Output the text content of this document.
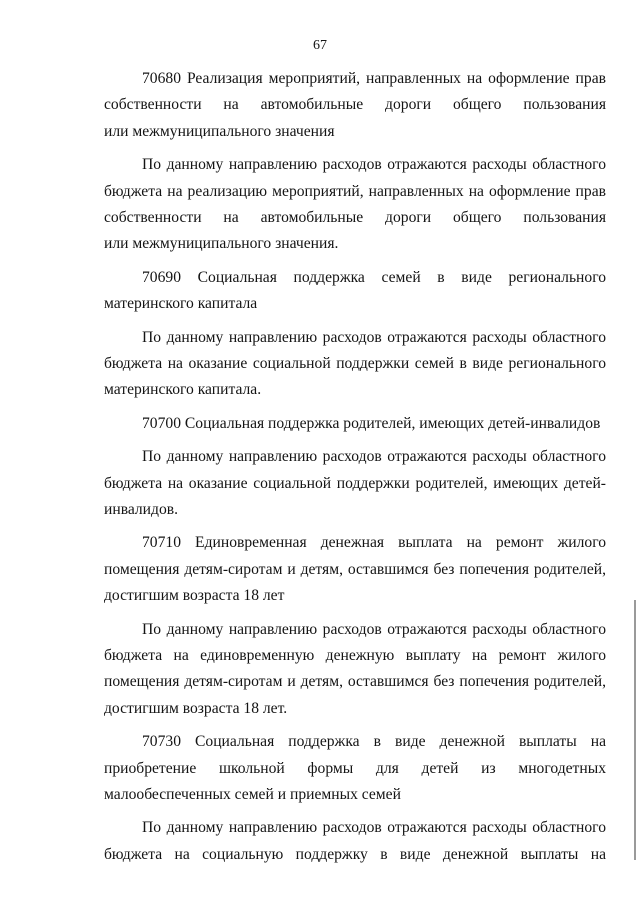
67
70680 Реализация мероприятий, направленных на оформление прав
собственности на автомобильные дороги общего пользования
или межмуниципального значения
По данному направлению расходов отражаются расходы областного
бюджета на реализацию мероприятий, направленных на оформление прав
собственности на автомобильные дороги общего пользования
или межмуниципального значения.
70690 Социальная поддержка семей в виде регионального
материнского капитала
По данному направлению расходов отражаются расходы областного
бюджета на оказание социальной поддержки семей в виде регионального
материнского капитала.
70700 Социальная поддержка родителей, имеющих детей-инвалидов
По данному направлению расходов отражаются расходы областного
бюджета на оказание социальной поддержки родителей, имеющих детей-
инвалидов.
70710 Единовременная денежная выплата на ремонт жилого
помещения детям-сиротам и детям, оставшимся без попечения родителей,
достигшим возраста 18 лет
По данному направлению расходов отражаются расходы областного
бюджета на единовременную денежную выплату на ремонт жилого
помещения детям-сиротам и детям, оставшимся без попечения родителей,
достигшим возраста 18 лет.
70730 Социальная поддержка в виде денежной выплаты на
приобретение школьной формы для детей из многодетных
малообеспеченных семей и приемных семей
По данному направлению расходов отражаются расходы областного
бюджета на социальную поддержку в виде денежной выплаты на
